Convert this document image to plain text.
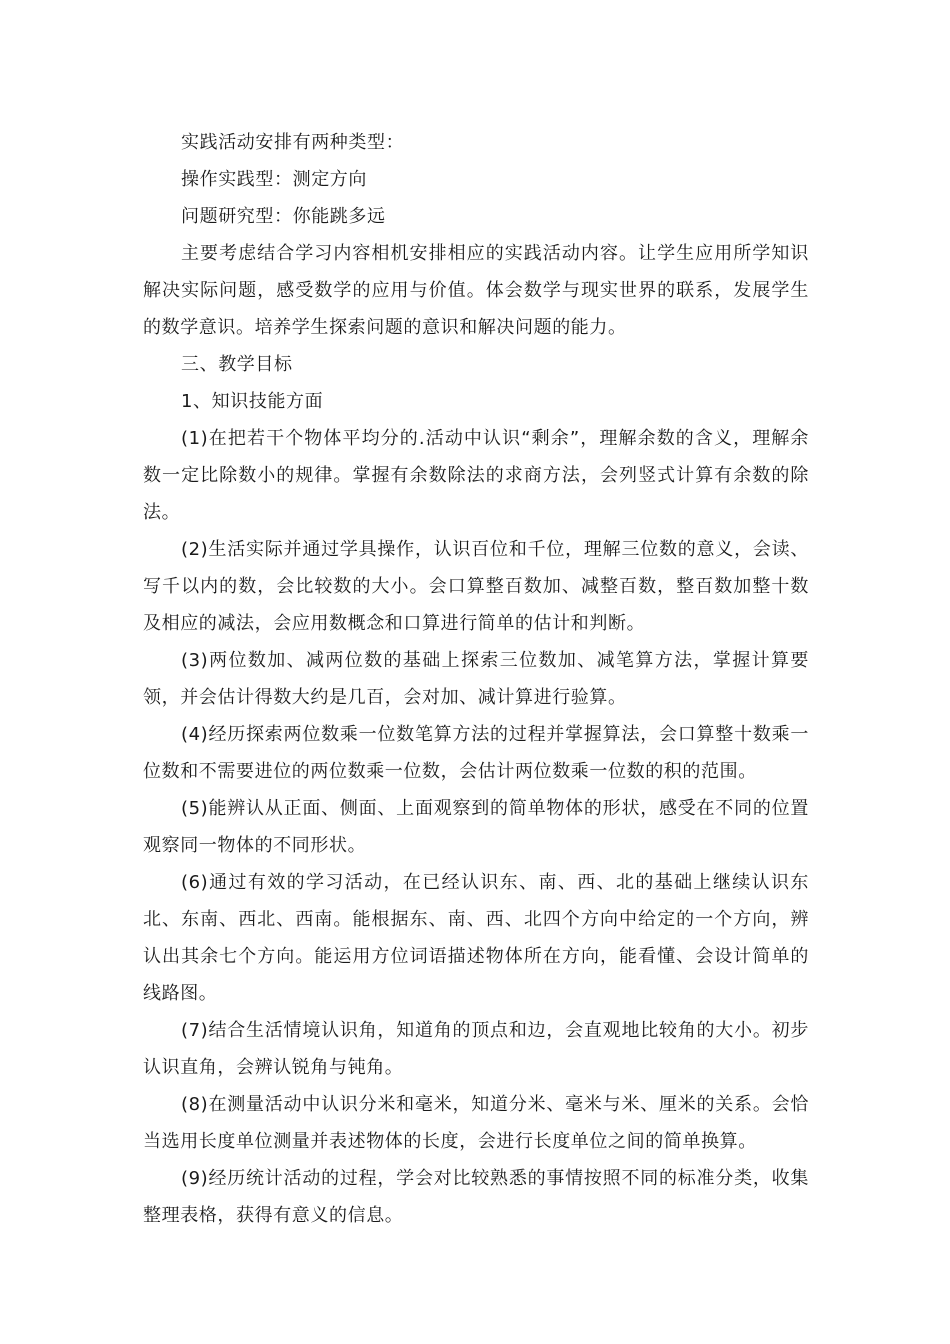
实践活动安排有两种类型：

操作实践型：测定方向

问题研究型：你能跳多远

主要考虑结合学习内容相机安排相应的实践活动内容。让学生应用所学知识解决实际问题，感受数学的应用与价值。体会数学与现实世界的联系，发展学生的数学意识。培养学生探索问题的意识和解决问题的能力。

三、教学目标

1、知识技能方面

(1)在把若干个物体平均分的.活动中认识“剩余”，理解余数的含义，理解余数一定比除数小的规律。掌握有余数除法的求商方法，会列竖式计算有余数的除法。

(2)生活实际并通过学具操作，认识百位和千位，理解三位数的意义，会读、写千以内的数，会比较数的大小。会口算整百数加、减整百数，整百数加整十数及相应的减法，会应用数概念和口算进行简单的估计和判断。

(3)两位数加、减两位数的基础上探索三位数加、减笔算方法，掌握计算要领，并会估计得数大约是几百，会对加、减计算进行验算。

(4)经历探索两位数乘一位数笔算方法的过程并掌握算法，会口算整十数乘一位数和不需要进位的两位数乘一位数，会估计两位数乘一位数的积的范围。

(5)能辨认从正面、侧面、上面观察到的简单物体的形状，感受在不同的位置观察同一物体的不同形状。

(6)通过有效的学习活动，在已经认识东、南、西、北的基础上继续认识东北、东南、西北、西南。能根据东、南、西、北四个方向中给定的一个方向，辨认出其余七个方向。能运用方位词语描述物体所在方向，能看懂、会设计简单的线路图。

(7)结合生活情境认识角，知道角的顶点和边，会直观地比较角的大小。初步认识直角，会辨认锐角与钝角。

(8)在测量活动中认识分米和毫米，知道分米、毫米与米、厘米的关系。会恰当选用长度单位测量并表述物体的长度，会进行长度单位之间的简单换算。

(9)经历统计活动的过程，学会对比较熟悉的事情按照不同的标准分类，收集整理表格，获得有意义的信息。
